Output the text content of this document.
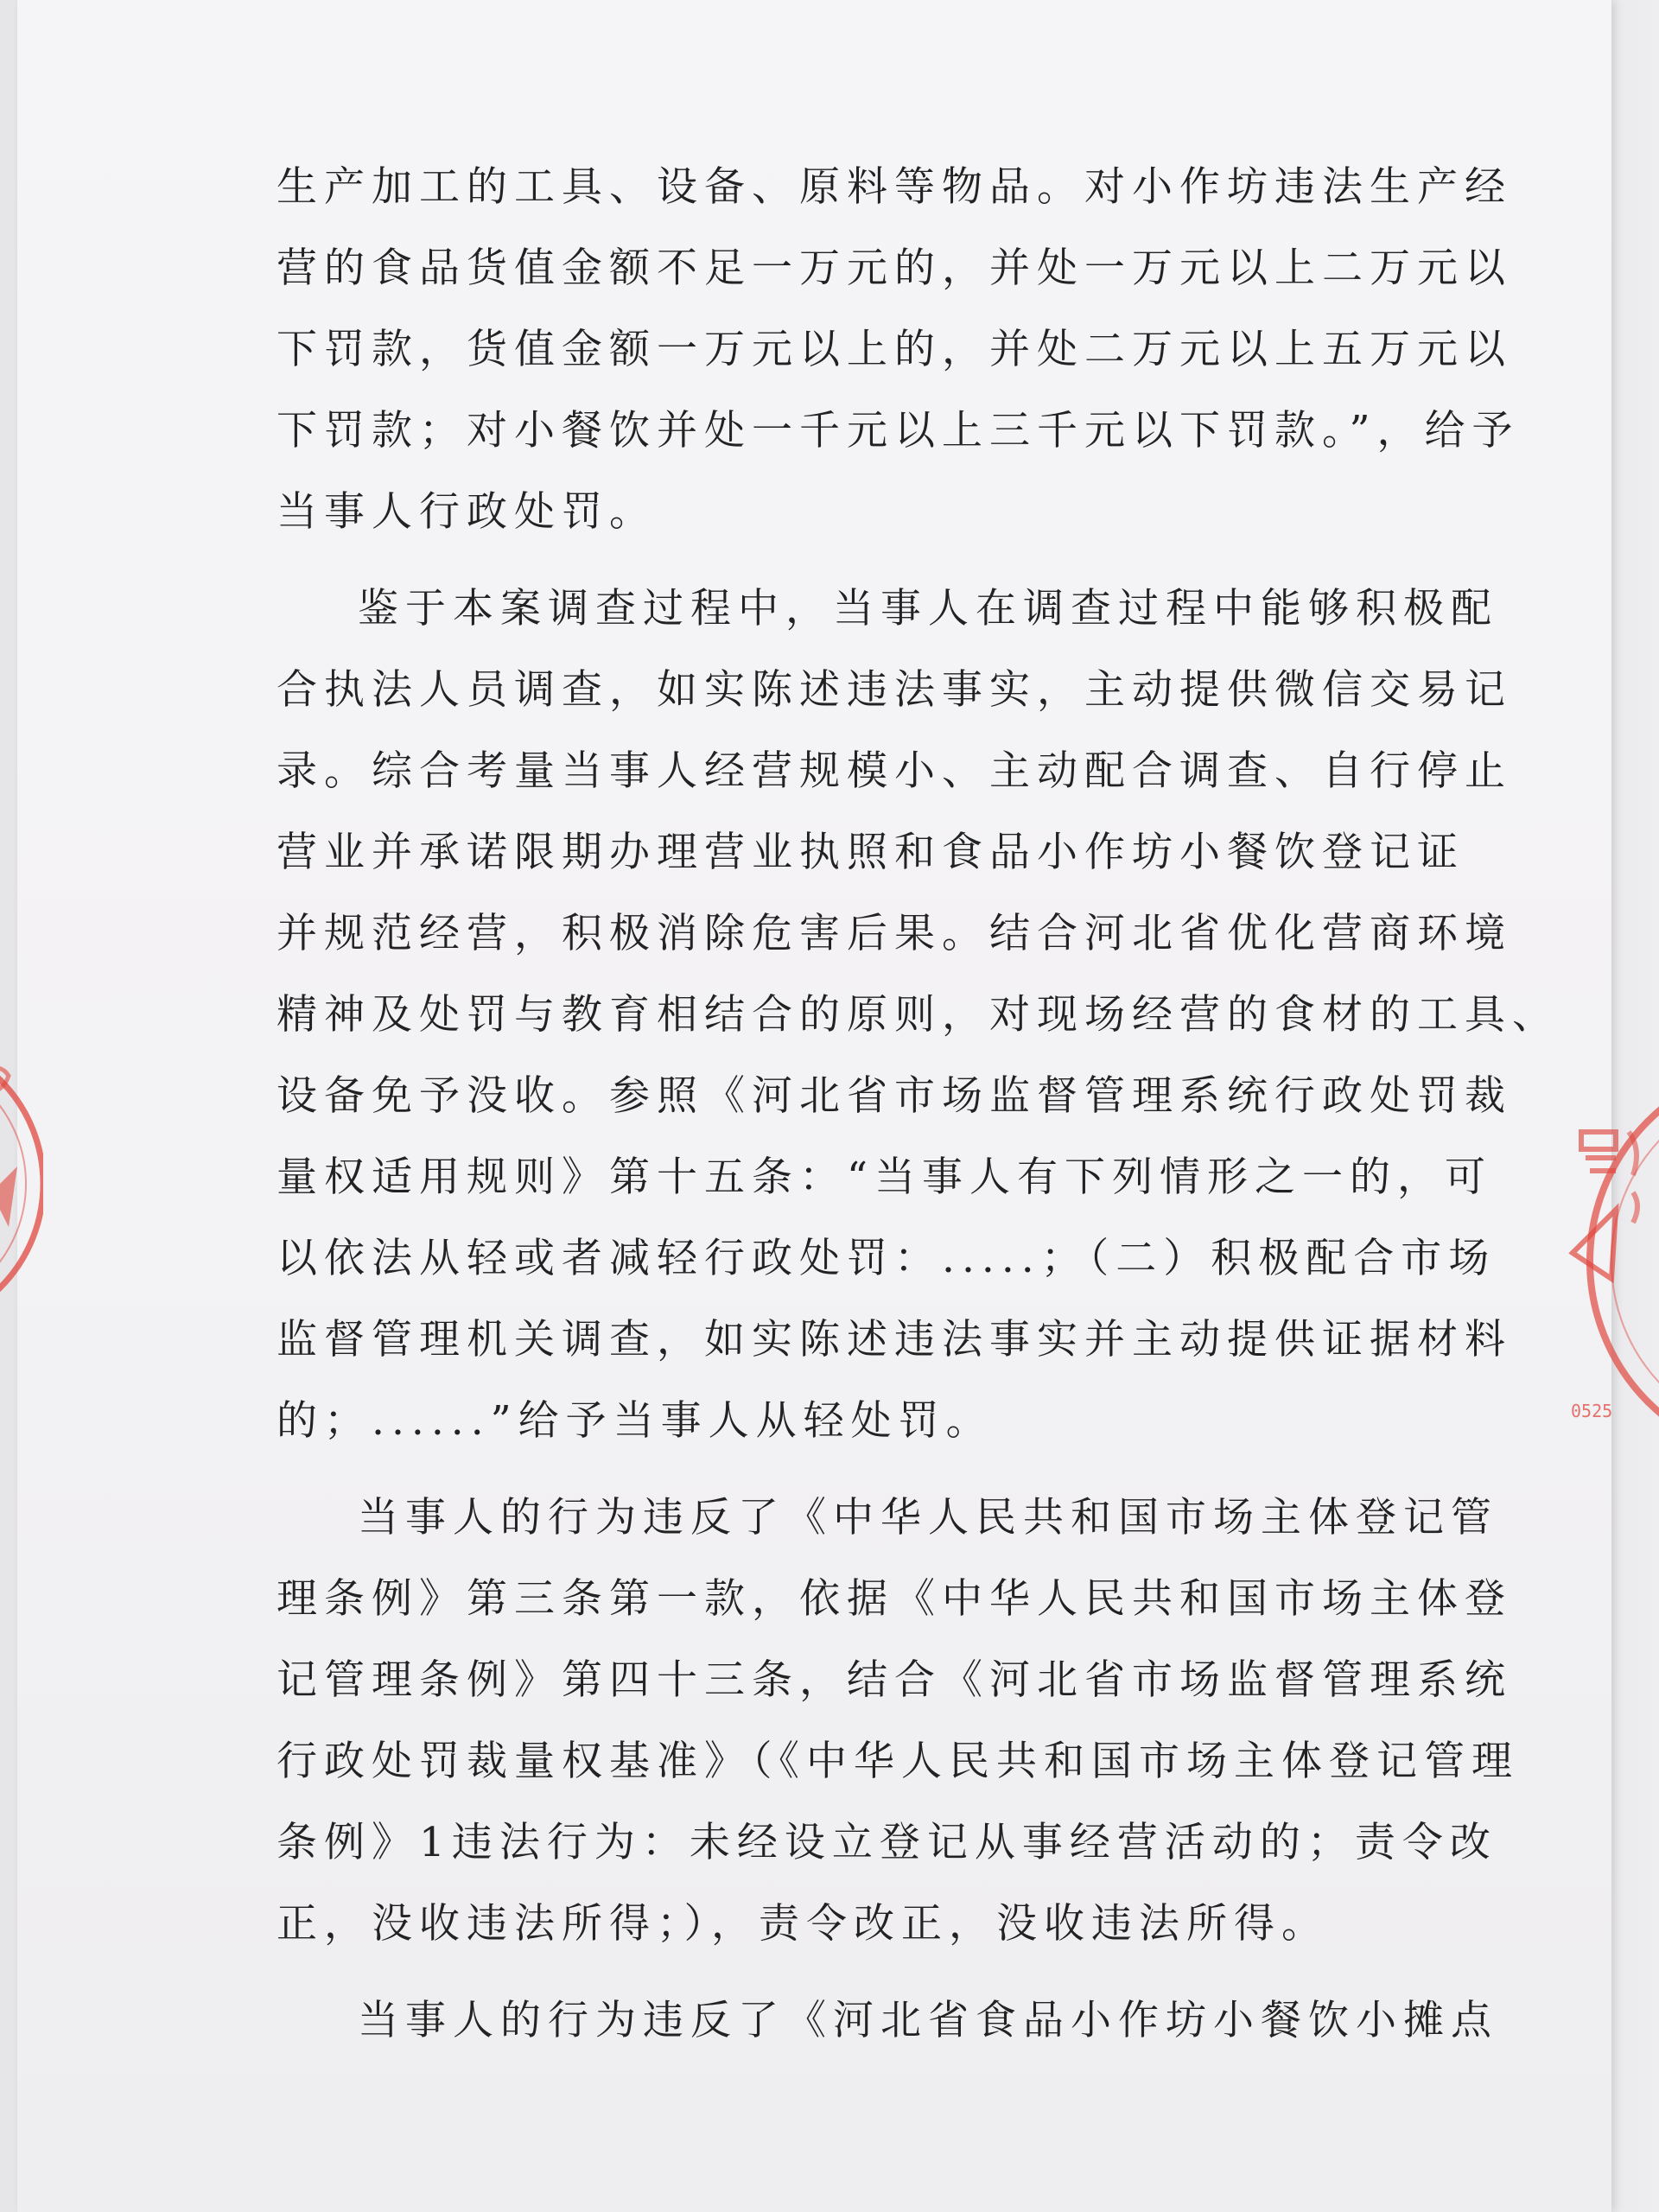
生产加工的工具、设备、原料等物品。对小作坊违法生产经
营的食品货值金额不足一万元的，并处一万元以上二万元以
下罚款，货值金额一万元以上的，并处二万元以上五万元以
下罚款；对小餐饮并处一千元以上三千元以下罚款。”，给予
当事人行政处罚。
鉴于本案调查过程中，当事人在调查过程中能够积极配
合执法人员调查，如实陈述违法事实，主动提供微信交易记
录。综合考量当事人经营规模小、主动配合调查、自行停止
营业并承诺限期办理营业执照和食品小作坊小餐饮登记证
并规范经营，积极消除危害后果。结合河北省优化营商环境
精神及处罚与教育相结合的原则，对现场经营的食材的工具、
设备免予没收。参照《河北省市场监督管理系统行政处罚裁
量权适用规则》第十五条：“当事人有下列情形之一的，可
以依法从轻或者减轻行政处罚：.....；（二）积极配合市场
监督管理机关调查，如实陈述违法事实并主动提供证据材料
的；......”给予当事人从轻处罚。
当事人的行为违反了《中华人民共和国市场主体登记管
理条例》第三条第一款，依据《中华人民共和国市场主体登
记管理条例》第四十三条，结合《河北省市场监督管理系统
行政处罚裁量权基准》（《中华人民共和国市场主体登记管理
条例》1违法行为：未经设立登记从事经营活动的；责令改
正，没收违法所得；），责令改正，没收违法所得。
当事人的行为违反了《河北省食品小作坊小餐饮小摊点
0525
